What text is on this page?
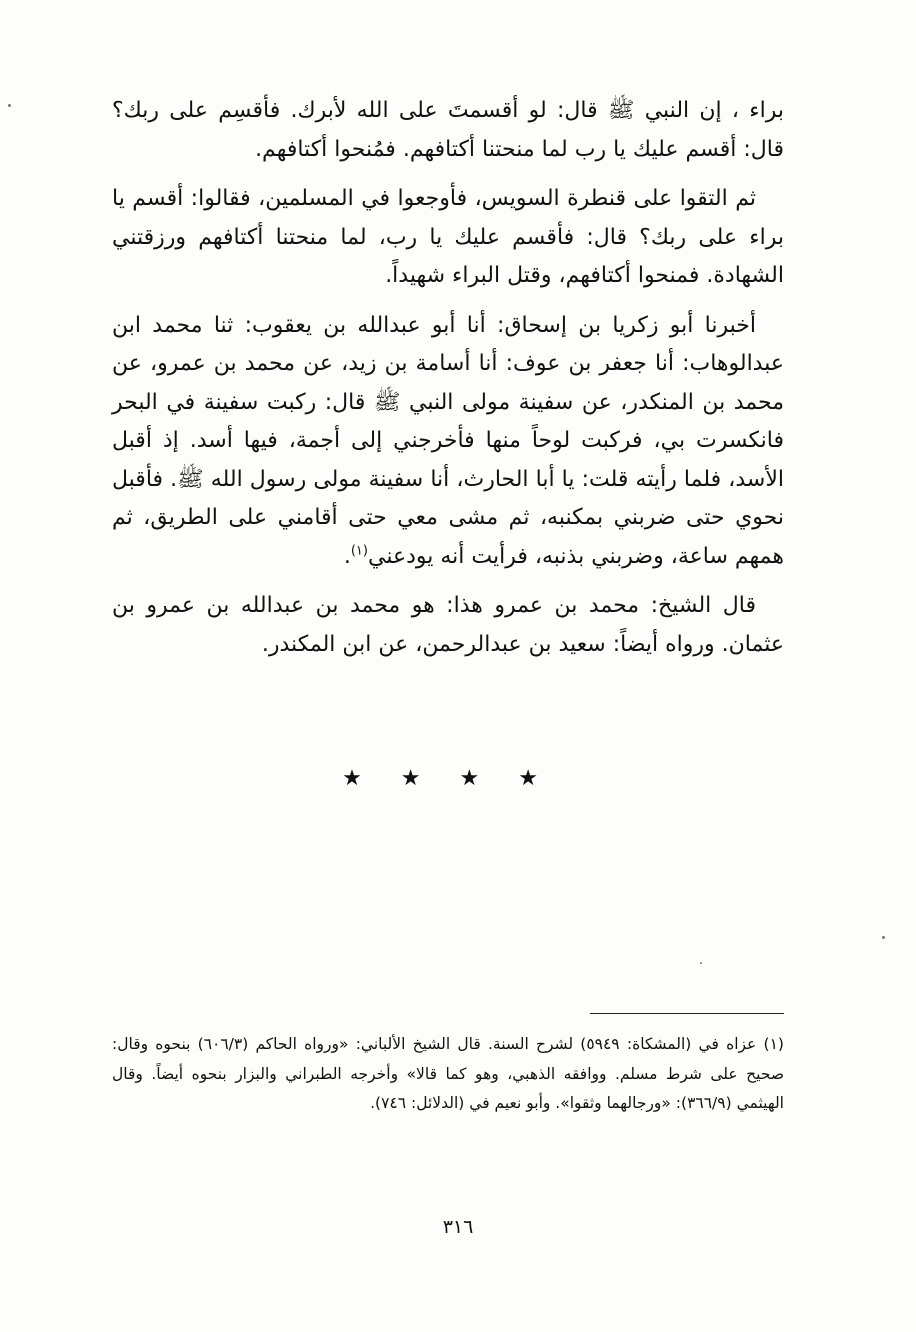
براء ، إن النبي ﷺ قال: لو أقسمتَ على الله لأبرك. فأقسِم على ربك؟ قال: أقسم عليك يا رب لما منحتنا أكتافهم. فمُنحوا أكتافهم.

ثم التقوا على قنطرة السويس، فأوجعوا في المسلمين، فقالوا: أقسم يا براء على ربك؟ قال: فأقسم عليك يا رب، لما منحتنا أكتافهم ورزقتني الشهادة. فمنحوا أكتافهم، وقتل البراء شهيداً.

أخبرنا أبو زكريا بن إسحاق: أنا أبو عبدالله بن يعقوب: ثنا محمد ابن عبدالوهاب: أنا جعفر بن عوف: أنا أسامة بن زيد، عن محمد بن عمرو، عن محمد بن المنكدر، عن سفينة مولى النبي ﷺ قال: ركبت سفينة في البحر فانكسرت بي، فركبت لوحاً منها فأخرجني إلى أجمة، فيها أسد. إذ أقبل الأسد، فلما رأيته قلت: يا أبا الحارث، أنا سفينة مولى رسول الله ﷺ. فأقبل نحوي حتى ضربني بمكنبه، ثم مشى معي حتى أقامني على الطريق، ثم همهم ساعة، وضربني بذنبه، فرأيت أنه يودعني$^{(١)}$.

قال الشيخ: محمد بن عمرو هذا: هو محمد بن عبدالله بن عمرو بن عثمان. ورواه أيضاً: سعيد بن عبدالرحمن، عن ابن المكندر.

★ ★ ★ ★

(١) عزاه في (المشكاة: ٥٩٤٩) لشرح السنة. قال الشيخ الألباني: «ورواه الحاكم (٦٠٦/٣) بنحوه وقال: صحيح على شرط مسلم. ووافقه الذهبي، وهو كما قالا» وأخرجه الطبراني والبزار بنحوه أيضاً. وقال الهيثمي (٣٦٦/٩): «ورجالهما وثقوا». وأبو نعيم في (الدلائل: ٧٤٦).

٣١٦
